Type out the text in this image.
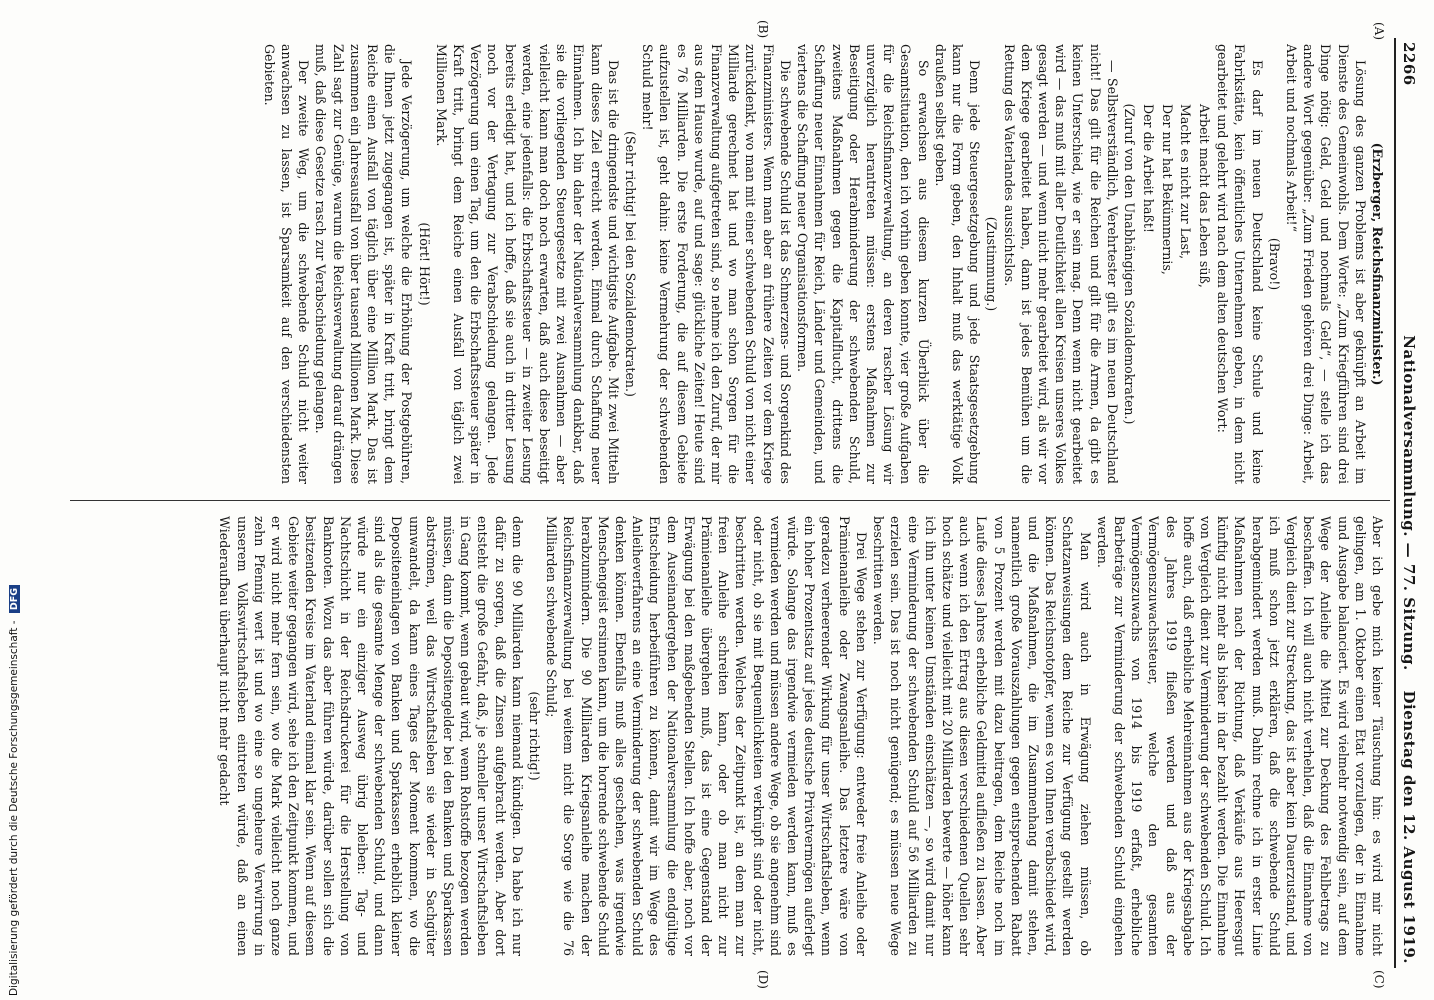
2266
Nationalversammlung. — 77. Sitzung.
Dienstag den 12. August 1919.
(A)
(B)
(C)
(D)

(Erzberger, Reichsfinanzminister.)

Lösung des ganzen Problems ist aber geknüpft an Arbeit im Dienste des Gemeinwohls. Dem Worte: „Zum Kriegführen sind drei Dinge nötig: Geld, Geld und nochmals Geld“, — stelle ich das andere Wort gegenüber: „Zum Frieden gehören drei Dinge: Arbeit, Arbeit und nochmals Arbeit!“

(Bravo!)

Es darf im neuen Deutschland keine Schule und keine Fabrikstätte, kein öffentliches Unternehmen geben, in dem nicht gearbeitet und gelehrt wird nach dem alten deutschen Wort:

Arbeit macht das Leben süß,

Macht es nicht zur Last,

Der nur hat Bekümmernis,

Der die Arbeit haßt!

(Zuruf von den Unabhängigen Sozialdemokraten.)

— Selbstverständlich, Verehrtester gilt es im neuen Deutschland nicht! Das gilt für die Reichen und gilt für die Armen, da gibt es keinen Unterschied, wie er sein mag. Denn wenn nicht gearbeitet wird — das muß mit aller Deutlichkeit allen Kreisen unseres Volkes gesagt werden — und wenn nicht mehr gearbeitet wird, als wir vor dem Kriege gearbeitet haben, dann ist jedes Bemühen um die Rettung des Vaterlandes aussichtslos.

(Zustimmung.)

Denn jede Steuergesetzgebung und jede Staatsgesetzgebung kann nur die Form geben, den Inhalt muß das werktätige Volk draußen selbst geben.

So erwachsen aus diesem kurzen Überblick über die Gesamtsituation, den ich vorhin geben konnte, vier große Aufgaben für die Reichsfinanzverwaltung, an deren rascher Lösung wir unverzüglich herantreten müssen: erstens Maßnahmen zur Beseitigung oder Herabminderung der schwebenden Schuld, zweitens Maßnahmen gegen die Kapitalflucht, drittens die Schaffung neuer Einnahmen für Reich, Länder und Gemeinden, und viertens die Schaffung neuer Organisationsformen.

Die schwebende Schuld ist das Schmerzens- und Sorgenkind des Finanzministers. Wenn man aber an frühere Zeiten vor dem Kriege zurückdenkt, wo man mit einer schwebenden Schuld von nicht einer Milliarde gerechnet hat und wo man schon Sorgen für die Finanzverwaltung aufgetreten sind, so nehme ich den Zuruf, der mir aus dem Hause wurde, auf und sage: glückliche Zeiten! Heute sind es 76 Milliarden. Die erste Forderung, die auf diesem Gebiete aufzustellen ist, geht dahin: keine Vermehrung der schwebenden Schuld mehr!

(Sehr richtig! bei den Sozialdemokraten.)

Das ist die dringendste und wichtigste Aufgabe. Mit zwei Mitteln kann dieses Ziel erreicht werden. Einmal durch Schaffung neuer Einnahmen. Ich bin daher der Nationalversammlung dankbar, daß sie die vorliegenden Steuergesetze mit zwei Ausnahmen — aber vielleicht kann man doch noch erwarten, daß auch diese beseitigt werden, eine jedenfalls: die Erbschaftssteuer — in zweiter Lesung bereits erledigt hat, und ich hoffe, daß sie auch in dritter Lesung noch vor der Vertagung zur Verabschiedung gelangen. Jede Verzögerung um einen Tag, um den die Erbschaftssteuer später in Kraft tritt, bringt dem Reiche einen Ausfall von täglich zwei Millionen Mark.

(Hört! Hört!)

Jede Verzögerung, um welche die Erhöhung der Postgebühren, die Ihnen jetzt zugegangen ist, später in Kraft tritt, bringt dem Reiche einen Ausfall von täglich über eine Million Mark. Das ist zusammen ein Jahresausfall von über tausend Millionen Mark. Diese Zahl sagt zur Genüge, warum die Reichsverwaltung darauf drängen muß, daß diese Gesetze rasch zur Verabschiedung gelangen.

Der zweite Weg, um die schwebende Schuld nicht weiter anwachsen zu lassen, ist Sparsamkeit auf den verschiedensten Gebieten.

Aber ich gebe mich keiner Täuschung hin: es wird mir nicht gelingen, am 1. Oktober einen Etat vorzulegen, der in Einnahme und Ausgabe balanciert. Es wird vielmehr notwendig sein, auf dem Wege der Anleihe die Mittel zur Deckung des Fehlbetrags zu beschaffen. Ich will auch nicht verhehlen, daß die Einnahme von Vergleich dient zur Streckung, das ist aber kein Dauerzustand, und ich muß schon jetzt erklären, daß die schwebende Schuld herabgemindert werden muß. Dahin rechne ich in erster Linie Maßnahmen nach der Richtung, daß Verkäufe aus Heeresgut künftig nicht mehr als bisher in dar bezahlt werden. Die Einnahme von Vergleich dient zur Verminderung der schwebenden Schuld. Ich hoffe auch, daß erhebliche Mehreinnahmen aus der Kriegsabgabe des Jahres 1919 fließen werden und daß aus der Vermögenszuwachssteuer, welche den gesamten Vermögenszuwachs von 1914 bis 1919 erfaßt, erhebliche Barbeträge zur Verminderung der schwebenden Schuld eingehen werden.

Man wird auch in Erwägung ziehen müssen, ob Schatzanweisungen dem Reiche zur Verfügung gestellt werden können. Das Reichsnotopfer, wenn es von Ihnen verabschiedet wird, und die Maßnahmen, die im Zusammenhang damit stehen, namentlich große Vorauszahlungen gegen entsprechenden Rabatt von 5 Prozent werden mit dazu beitragen, dem Reiche noch im Laufe dieses Jahres erhebliche Geldmittel aufließen zu lassen. Aber auch wenn ich den Ertrag aus diesen verschiedenen Quellen sehr hoch schätze und vielleicht mit 20 Milliarden bewerte — höher kann ich ihn unter keinen Umständen einschätzen —, so wird damit nur eine Verminderung der schwebenden Schuld auf 56 Milliarden zu erzielen sein. Das ist noch nicht genügend; es müssen neue Wege beschritten werden.

Drei Wege stehen zur Verfügung: entweder freie Anleihe oder Prämienanleihe oder Zwangsanleihe. Das letztere wäre von geradezu verheerender Wirkung für unser Wirtschaftsleben, wenn ein hoher Prozentsatz auf jedes deutsche Privatvermögen auferlegt würde. Solange das irgendwie vermieden werden kann, muß es vermieden werden und müssen andere Wege, ob sie angenehm sind oder nicht, ob sie mit Bequemlichkeiten verknüpft sind oder nicht, beschritten werden. Welches der Zeitpunkt ist, an dem man zur freien Anleihe schreiten kann, oder ob man nicht zur Prämienanleihe übergehen muß, das ist eine Gegenstand der Erwägung bei den maßgebenden Stellen. Ich hoffe aber, noch vor dem Auseinandergehen der Nationalversammlung die endgültige Entscheidung herbeiführen zu können, damit wir im Wege des Anleiheverfahrens an eine Verminderung der schwebenden Schuld denken können. Ebenfalls muß alles geschehen, was irgendwie Menschengeist ersinnen kann, um die horrende schwebende Schuld herabzumindern. Die 90 Milliarden Kriegsanleihe machen der Reichsfinanzverwaltung bei weitem nicht die Sorge wie die 76 Milliarden schwebende Schuld;

(sehr richtig!)

denn die 90 Milliarden kann niemand kündigen. Da habe ich nur dafür zu sorgen, daß die Zinsen aufgebracht werden. Aber dort entsteht die große Gefahr, daß, je schneller unser Wirtschaftsleben in Gang kommt, wenn gebaut wird, wenn Rohstoffe bezogen werden müssen, dann die Depositengelder bei den Banken und Sparkassen abströmen, weil das Wirtschaftsleben sie wieder in Sachgüter umwandelt, da kann eines Tages der Moment kommen, wo die Depositeneinlagen von Banken und Sparkassen erheblich kleiner sind als die gesamte Menge der schwebenden Schuld, und dann würde nur ein einziger Ausweg übrig bleiben: Tag- und Nachtschicht in der Reichsdruckerei für die Herstellung von Banknoten. Wozu das aber führen würde, darüber sollen sich die besitzenden Kreise im Vaterland einmal klar sein. Wenn auf diesem Gebiete weiter gegangen wird, sehe ich den Zeitpunkt kommen, und er wird nicht mehr fern sein, wo die Mark vielleicht noch ganze zehn Pfennig wert ist und wo eine so ungeheure Verwirrung in unserem Volkswirtschaftsleben eintreten würde, daß an einen Wiederaufbau überhaupt nicht mehr gedacht

Digitalisierung gefördert durch die Deutsche Forschungsgemeinschaft - DFG
